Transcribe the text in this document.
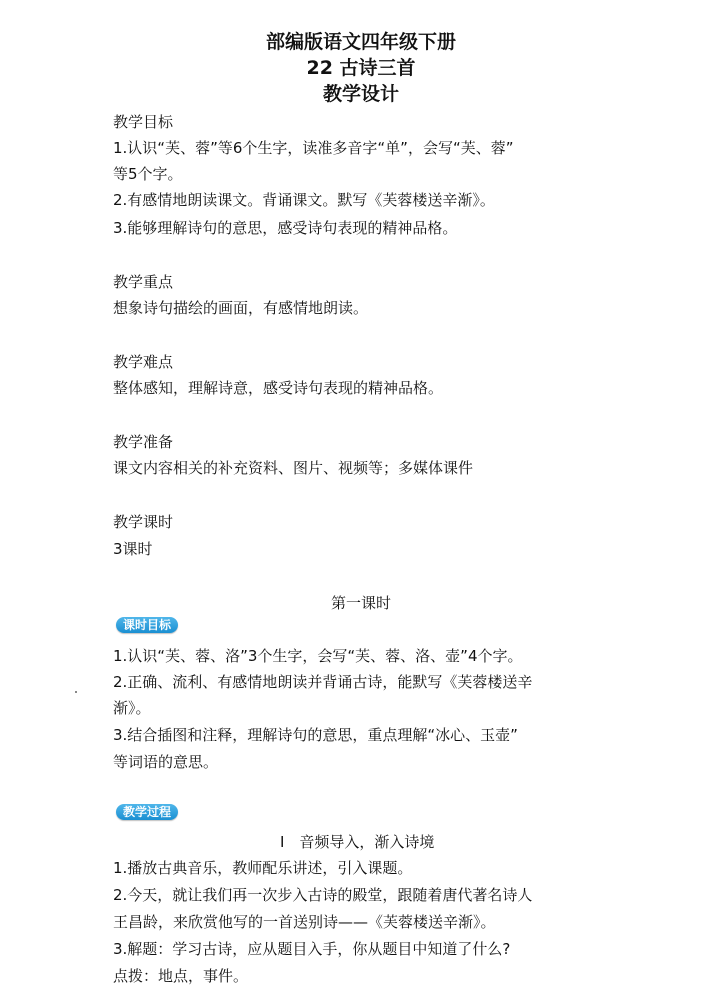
部编版语文四年级下册
22 古诗三首
教学设计
教学目标
1.认识“芙、蓉”等6个生字，读准多音字“单”，会写“芙、蓉”
等5个字。
2.有感情地朗读课文。背诵课文。默写《芙蓉楼送辛渐》。
3.能够理解诗句的意思，感受诗句表现的精神品格。
教学重点
想象诗句描绘的画面，有感情地朗读。
教学难点
整体感知，理解诗意，感受诗句表现的精神品格。
教学准备
课文内容相关的补充资料、图片、视频等；多媒体课件
教学课时
3课时
第一课时
课时目标
1.认识“芙、蓉、洛”3个生字，会写“芙、蓉、洛、壶”4个字。
2.正确、流利、有感情地朗读并背诵古诗，能默写《芙蓉楼送辛
渐》。
3.结合插图和注释，理解诗句的意思，重点理解“冰心、玉壶”
等词语的意思。
教学过程
Ⅰ　音频导入，渐入诗境
1.播放古典音乐，教师配乐讲述，引入课题。
2.今天，就让我们再一次步入古诗的殿堂，跟随着唐代著名诗人
王昌龄，来欣赏他写的一首送别诗——《芙蓉楼送辛渐》。
3.解题：学习古诗，应从题目入手，你从题目中知道了什么?
点拨：地点，事件。
